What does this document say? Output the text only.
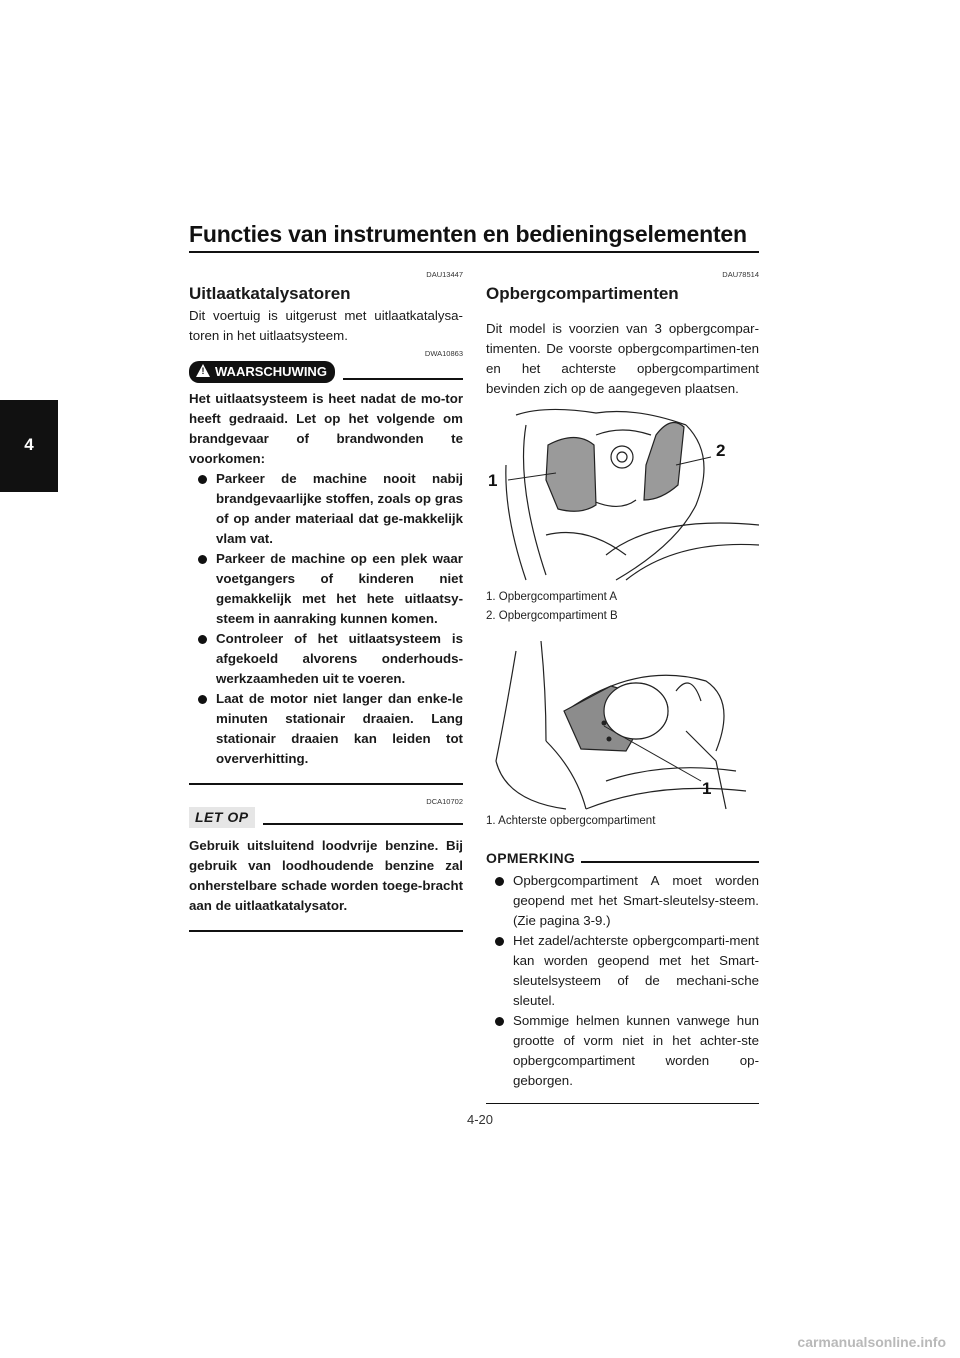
Functies van instrumenten en bedieningselementen
4
DAU13447
Uitlaatkatalysatoren

Dit voertuig is uitgerust met uitlaatkatalysa-toren in het uitlaatsysteem.

DWA10863
! WAARSCHUWING
Het uitlaatsysteem is heet nadat de mo-tor heeft gedraaid. Let op het volgende om brandgevaar of brandwonden te voorkomen:
Parkeer de machine nooit nabij brandgevaarlijke stoffen, zoals op gras of op ander materiaal dat ge-makkelijk vlam vat.
Parkeer de machine op een plek waar voetgangers of kinderen niet gemakkelijk met het hete uitlaatsy-steem in aanraking kunnen komen.
Controleer of het uitlaatsysteem is afgekoeld alvorens onderhouds-werkzaamheden uit te voeren.
Laat de motor niet langer dan enke-le minuten stationair draaien. Lang stationair draaien kan leiden tot oververhitting.
DCA10702
LET OP
Gebruik uitsluitend loodvrije benzine. Bij gebruik van loodhoudende benzine zal onherstelbare schade worden toege-bracht aan de uitlaatkatalysator.
DAU78514
Opbergcompartimenten

Dit model is voorzien van 3 opbergcompar-timenten. De voorste opbergcompartimen-ten en het achterste opbergcompartiment bevinden zich op de aangegeven plaatsen.

1
2
1. Opbergcompartiment A
2. Opbergcompartiment B
1
1. Achterste opbergcompartiment
OPMERKING
Opbergcompartiment A moet worden geopend met het Smart-sleutelsy-steem. (Zie pagina 3-9.)
Het zadel/achterste opbergcomparti-ment kan worden geopend met het Smart-sleutelsysteem of de mechani-sche sleutel.
Sommige helmen kunnen vanwege hun grootte of vorm niet in het achter-ste opbergcompartiment worden op-geborgen.
4-20
carmanualsonline.info
